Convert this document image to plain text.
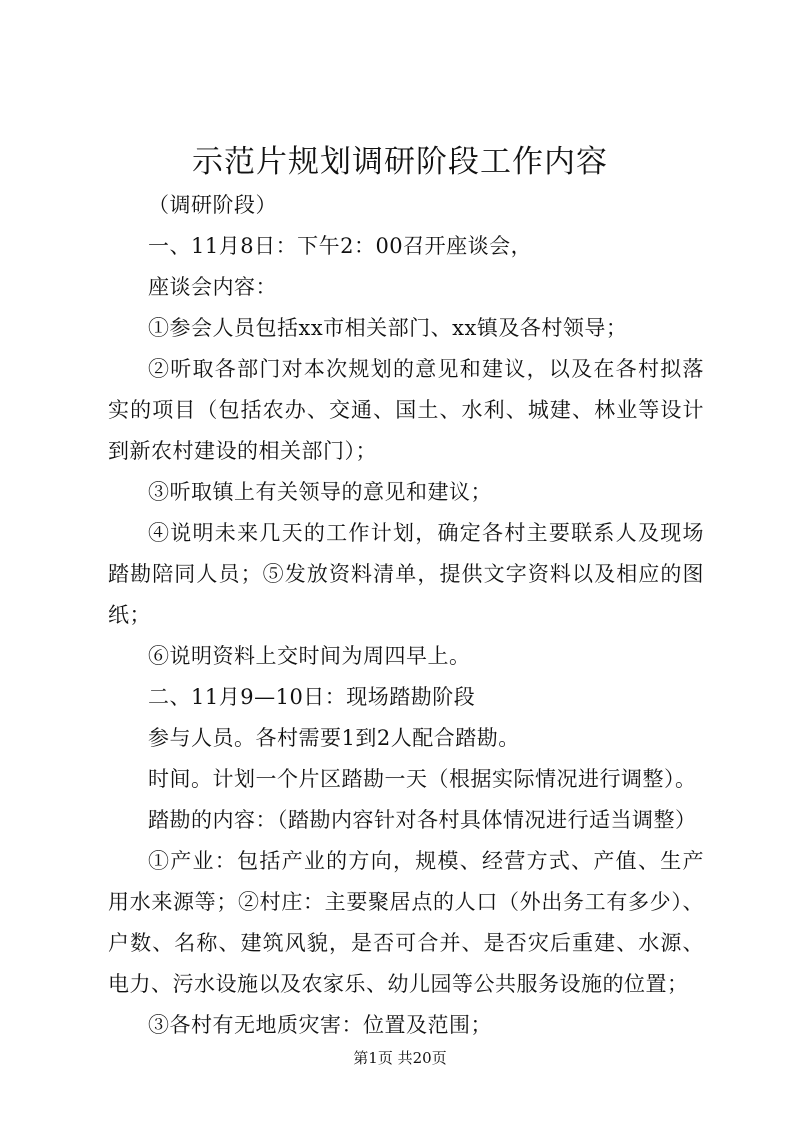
示范片规划调研阶段工作内容

（调研阶段）

一、11月8日：下午2：00召开座谈会，

座谈会内容：

①参会人员包括xx市相关部门、xx镇及各村领导；

②听取各部门对本次规划的意见和建议，以及在各村拟落实的项目（包括农办、交通、国土、水利、城建、林业等设计到新农村建设的相关部门）；

③听取镇上有关领导的意见和建议；

④说明未来几天的工作计划，确定各村主要联系人及现场踏勘陪同人员；⑤发放资料清单，提供文字资料以及相应的图纸；

⑥说明资料上交时间为周四早上。

二、11月9—10日：现场踏勘阶段

参与人员。各村需要1到2人配合踏勘。

时间。计划一个片区踏勘一天（根据实际情况进行调整）。

踏勘的内容：（踏勘内容针对各村具体情况进行适当调整）

①产业：包括产业的方向，规模、经营方式、产值、生产用水来源等；②村庄：主要聚居点的人口（外出务工有多少）、户数、名称、建筑风貌，是否可合并、是否灾后重建、水源、电力、污水设施以及农家乐、幼儿园等公共服务设施的位置；

③各村有无地质灾害：位置及范围；

第1页 共20页
